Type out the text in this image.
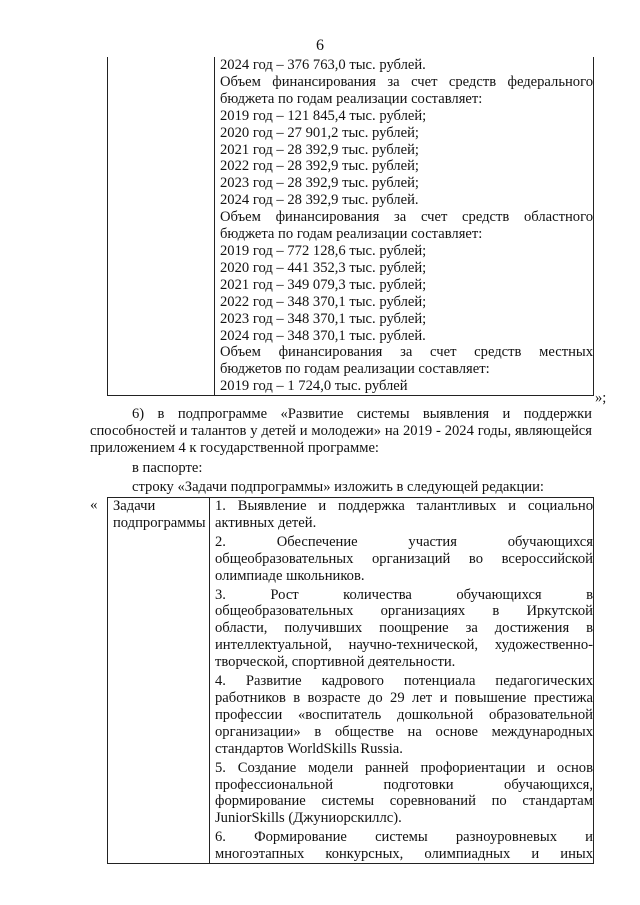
6

2024 год – 376 763,0 тыс. рублей.
Объем финансирования за счет средств федерального
бюджета по годам реализации составляет:
2019 год – 121 845,4 тыс. рублей;
2020 год – 27 901,2 тыс. рублей;
2021 год – 28 392,9 тыс. рублей;
2022 год – 28 392,9 тыс. рублей;
2023 год – 28 392,9 тыс. рублей;
2024 год – 28 392,9 тыс. рублей.
Объем финансирования за счет средств областного
бюджета по годам реализации составляет:
2019 год – 772 128,6 тыс. рублей;
2020 год – 441 352,3 тыс. рублей;
2021 год – 349 079,3 тыс. рублей;
2022 год – 348 370,1 тыс. рублей;
2023 год – 348 370,1 тыс. рублей;
2024 год – 348 370,1 тыс. рублей.
Объем финансирования за счет средств местных
бюджетов по годам реализации составляет:
2019 год – 1 724,0 тыс. рублей
»;

6) в подпрограмме «Развитие системы выявления и поддержки

способностей и талантов у детей и молодежи» на 2019 - 2024 годы, являющейся

приложением 4 к государственной программе:

в паспорте:

строку «Задачи подпрограммы» изложить в следующей редакции:

« Задачи
подпрограммы

1. Выявление и поддержка талантливых и социально
активных детей.
2. Обеспечение участия обучающихся
общеобразовательных организаций во всероссийской
олимпиаде школьников.
3. Рост количества обучающихся в
общеобразовательных организациях в Иркутской
области, получивших поощрение за достижения в
интеллектуальной, научно-технической, художественно-
творческой, спортивной деятельности.
4. Развитие кадрового потенциала педагогических
работников в возрасте до 29 лет и повышение престижа
профессии «воспитатель дошкольной образовательной
организации» в обществе на основе международных
стандартов WorldSkills Russia.
5. Создание модели ранней профориентации и основ
профессиональной подготовки обучающихся,
формирование системы соревнований по стандартам
JuniorSkills (Джуниорскиллс).
6. Формирование системы разноуровневых и
многоэтапных конкурсных, олимпиадных и иных
